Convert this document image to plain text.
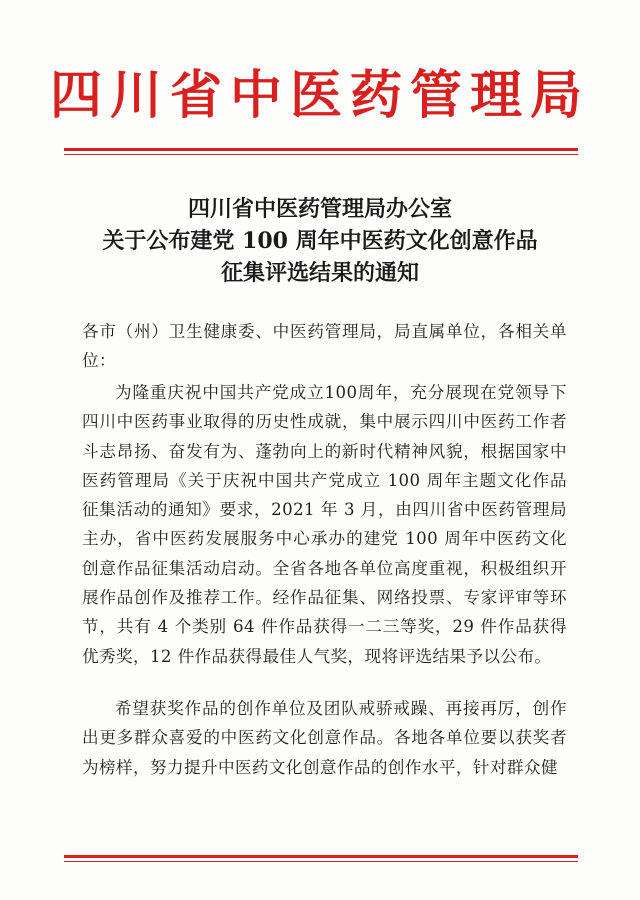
四川省中医药管理局
四川省中医药管理局办公室
关于公布建党 100 周年中医药文化创意作品
征集评选结果的通知
各市（州）卫生健康委、中医药管理局，局直属单位，各相关单位：
为隆重庆祝中国共产党成立100周年，充分展现在党领导下四川中医药事业取得的历史性成就，集中展示四川中医药工作者斗志昂扬、奋发有为、蓬勃向上的新时代精神风貌，根据国家中医药管理局《关于庆祝中国共产党成立 100 周年主题文化作品征集活动的通知》要求，2021 年 3 月，由四川省中医药管理局主办，省中医药发展服务中心承办的建党 100 周年中医药文化创意作品征集活动启动。全省各地各单位高度重视，积极组织开展作品创作及推荐工作。经作品征集、网络投票、专家评审等环节，共有 4 个类别 64 件作品获得一二三等奖，29 件作品获得优秀奖，12 件作品获得最佳人气奖，现将评选结果予以公布。
希望获奖作品的创作单位及团队戒骄戒躁、再接再厉，创作出更多群众喜爱的中医药文化创意作品。各地各单位要以获奖者为榜样，努力提升中医药文化创意作品的创作水平，针对群众健
